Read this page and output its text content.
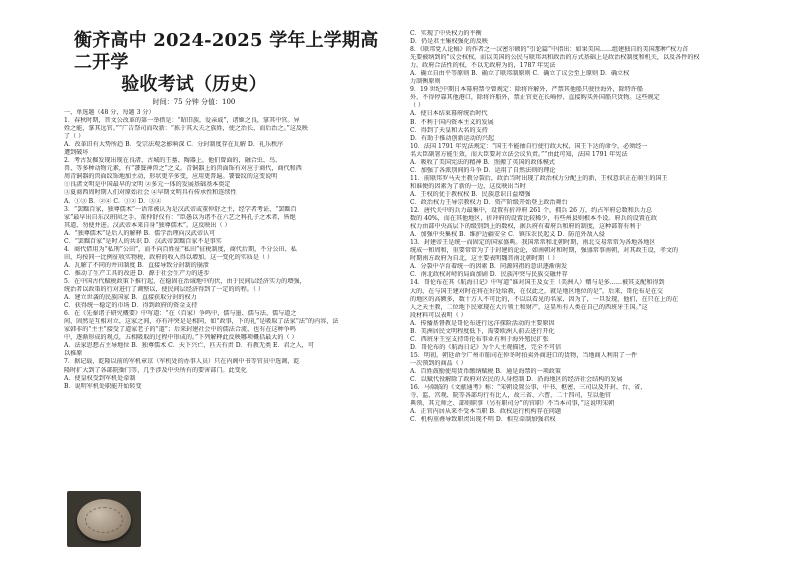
衡齐高中 2024-2025 学年上学期高二开学
验收考试（历史）
时间：75 分钟 分值：100
一、单选题（48 分，每题 3 分）
1．春秋时期，晋文公改革的第一举措是：“昭旧族，爱亲戚”，诸姬之良，掌其中官。异
姓之能，掌其远官。”“广告祭司而攻新：“拣于其大夫之族姓，使之治长，而后治之。”这反映
了（ ）
A．改革旧有大势所趋 B．受宗法观念影响深 C．分封制度存在瓦解 D．礼乐秩序
遭到破坏
2．考古发掘发现出现在良渚、古城的王墓、陶器上，他们曾面的，融合虫、鸟、
兽、等多种动物元素，有“饕餮神兽之”之义。青铜器上的兽面饰有对应于商代，商代和西
周青铜器的兽面纹饰地加主动，形状更辛多变，应用更普遍。饕餮纹的这变说明
①良渚文明是中国最早的文明 ②多元一体的发展基础基本奠定
③夏商西周时期人们对原始社会 ④早期文明具有传承性和连续性
A．①③ B．②④ C．①② D．③④
3．“罢黜百家，独尊儒术”一语常被认为是汉武帝或董仲舒之主，经学者考证，“罢黜百
家”最早出自东汉班固之手，董仲舒仅有：“臣愚以为诸不在六艺之科孔子之术者，皆绝
其道，勿使并进。汉武帝本来自身“独尊儒术”。这反映出（ ）
A．“独尊儒术”是后人的解释 B．儒学治理向汉武帝认可
C．“罢黜百家”是时人的共识 D．汉武帝罢黜百家不是事实
4．商代借用为“私刑”公田”，而不向百姓征“私田”征税制度，商代后期，不分公田、私
田，均按同一比例征收实物税，政府的收入得以增加。这一变化的实质是（ ）
A．瓦解了不同的井田制度 B．直接导致分封制的崩溃
C．推动了生产工具的改进 D．源于社会生产力的进步
5．在中国古代赋税政策下推行起，在稳固在治域地中的伏，由于民间层经济实力的增强，
统治者以政策的行对进行了调整以，使民间层经济得到了一定的的程。（ ）
A．建立世袭的民族国家 B．直接获取分封的权力
C．获得统一稳定的市场 D．得到政府的资金支持
6．在《先秦诸子研究概要》中写道：“在（百家）争鸣中，儒与墨、儒与法、儒与道之
间，固然是互相对立，这家之间，亦有冲突是是相同，如“政事，下的礼”是吸取了法家“法”的内容，法
家韩非的“主主”接受了道家老子的“道”；后来封建社会中的儒法合流，也有在这种争鸣
中，逐渐形成的观点，五相吸取的过程中形成的。”下列解释此反映哪项概括最大的（ ）
A．法家思想占主导地位 B．独尊儒术 C．天下兴亡，匹夫有责 D．有教无类 E．君之人，可
以推原
7．据记载，乾隆以前的军机章京（军机处的办事人员）只在内阁中书等官员中选调，乾
隆时扩大到了各部院衙门等，几乎涉及中央所有的要害部门。此变化
A．使皇权受到军机处牵制
B．说明军机处职能开始转变
C．实现了中央权力的平衡
D．仍是君主集权强化的反映
8．《联邦党人论稿》的作者之一汉密尔顿的“引论篇”中指出：如果美国……组建独自的美国那种”权力首
先要被纳到的”议会权权，而以美国的公民与联邦共和政治的方式基础上是政治权制度和机关，以及各件的权
力。政府合法性的权，不以无政府为的，1787 年宪法
A．确立自由平等原则 B．确立了联邦制原则 C．确立了议会至上原则 D．确立权
力制衡原则
9．19 世纪中期日本幕府禁令曾规定：除将许解外，严禁其他船只驶往海外，除特许船
外，不得停靠其他港口，除将许船外，禁止官吏在长崎停、直接购买外国船只货物。这些规定
（ ）
A．使日本结束幕府统治时代
B．不利于国内资本主义的发展
C．得到了天皇和大名的支持
D．有助于推动创新运动的兴起
10．法国 1791 年宪法规定：“国王不能抽自行使行政大权，国王下达的命令，必须经一
名大臣副署方能生效，而大臣要对立法会议负责。”“由此可知，法国 1791 年宪法
A．吸收了美国宪法的精神 B．照搬了英国的政体模式
C．加强了各派别间的斗争 D．运用了自然法则的理论
11．前联邦罗马天主教分裂后，政治当时出现了政治权力分配上的新，王权意识正在萌生的国王
和谁便的因素为了新的一边，这反映出当时
A．王权的优于教权权 B．民族意识日益增强
C．政治权力王导宗教权力 D．资产阶级开始登上政治舞台
12．唐代关中的兵力最集中，设置有折冲府 261 个，拥兵 26 万，约占军府总数和兵力总
数的 40%，而在其他地区，折冲府的设置比较稀少，有些州县则根本不设。府兵的设置在政
权力由部中央高层下的级别到上的数权，据兵府有着府兵和府的制度，这种部署有利于
A．加强中央集权 B．维护边疆安全 C．镇压农民起义 D．防范外敌入侵
13．封建帝王是统一而固定的国家盛典。我国常常和北朝时期，南北交易常常为各地各地区
统成一和周和，重要常常为了于封建的论论，如南朝对和时期，强盛常事南朝，对其政王设，孝文的
时期南方政府为自北，这主要表明魏晋南北朝时期（ ）
A．分裂中孕育着统一的因素 B．同源同祖的意识逐渐萌发
C．南北政权对峙的局面加剧 D．民族冲突与民族交融并存
14．哥伦布在其《航海日记》中写道“谁对国王及女王（美洲人）赠与是多……被其支配和得到
大的，在与国王建对时在将在好处给教，在仅此之，就是地区地位的是”，后来，哥伦布是在交
的地区的高额多，数十万人不可比的，不以以看见的名家，因为了，一旦发现，他们，在只在上的在
人之天主教，二位地下民眾现在大片领土和财产，这显所有人类在自己的西班牙王国。”这
段材料可以表明（ ）
A．传播基督教是哥伦布进行远洋探险活动的主要原因
B．美洲居民文明程度低下，需要欧洲人前去进行开化
C．西班牙王室支持哥伦布事业有利于海外殖民扩张
D．哥伦布的《航海日记》为个人主观描述，完全不可信
15．明初，朝廷命令广州市舶司在仲冬时拍卖外商进口的货物，当地商人利用了一件
一次领到的商品（ ）
A．百姓鼓励使用货币缴纳赋税 B．通是海禁的一项政策
C．以赋代役解除了政府对农民的人身控制 D．沿海地区的经济社会结构的发展
16．马端临的《文献通考》称：“宋朝设置公事，中书、枢密、三司以及开封、台、省、
寺、监、宫观、院等各部均行有比人，故三省、六曹、二十四司，互以他官
典领，其元帅之、部则职事（另有职司分”的官职）不当本司事，”这说明宋朝
A．正官内居从来不受本当职 B．政权运行机构存在问题
C．机构重叠导致职责出现不明 D．相互牵制加强君权
